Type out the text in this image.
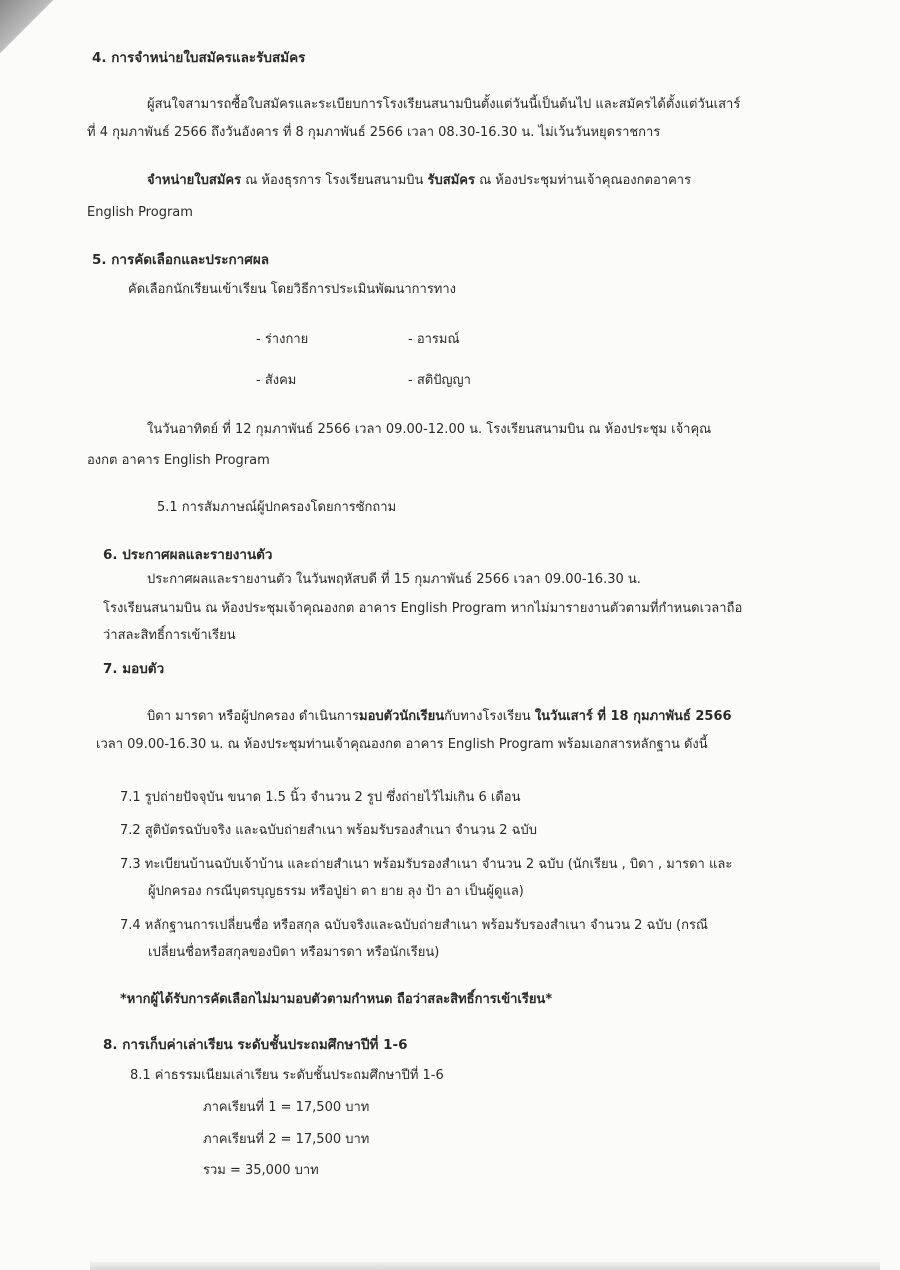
4. การจำหน่ายใบสมัครและรับสมัคร
ผู้สนใจสามารถซื้อใบสมัครและระเบียบการโรงเรียนสนามบินตั้งแต่วันนี้เป็นต้นไป และสมัครได้ตั้งแต่วันเสาร์
ที่ 4 กุมภาพันธ์ 2566 ถึงวันอังคาร ที่ 8 กุมภาพันธ์ 2566 เวลา 08.30-16.30 น. ไม่เว้นวันหยุดราชการ
จำหน่ายใบสมัคร ณ ห้องธุรการ โรงเรียนสนามบิน รับสมัคร ณ ห้องประชุมท่านเจ้าคุณองกตอาคาร
English Program
5. การคัดเลือกและประกาศผล
คัดเลือกนักเรียนเข้าเรียน โดยวิธีการประเมินพัฒนาการทาง
- ร่างกาย	- อารมณ์
- สังคม	- สติปัญญา
ในวันอาทิตย์ ที่ 12 กุมภาพันธ์ 2566 เวลา 09.00-12.00 น. โรงเรียนสนามบิน ณ ห้องประชุม เจ้าคุณ
องกต อาคาร English Program
5.1 การสัมภาษณ์ผู้ปกครองโดยการซักถาม
6. ประกาศผลและรายงานตัว
ประกาศผลและรายงานตัว ในวันพฤหัสบดี ที่ 15 กุมภาพันธ์ 2566 เวลา 09.00-16.30 น.
โรงเรียนสนามบิน ณ ห้องประชุมเจ้าคุณองกต อาคาร English Program หากไม่มารายงานตัวตามที่กำหนดเวลาถือ
ว่าสละสิทธิ์การเข้าเรียน
7. มอบตัว
บิดา มารดา หรือผู้ปกครอง ดำเนินการมอบตัวนักเรียนกับทางโรงเรียน ในวันเสาร์ ที่ 18 กุมภาพันธ์ 2566
เวลา 09.00-16.30 น. ณ ห้องประชุมท่านเจ้าคุณองกต อาคาร English Program พร้อมเอกสารหลักฐาน ดังนี้
7.1 รูปถ่ายปัจจุบัน ขนาด 1.5 นิ้ว จำนวน 2 รูป ซึ่งถ่ายไว้ไม่เกิน 6 เดือน
7.2 สูติบัตรฉบับจริง และฉบับถ่ายสำเนา พร้อมรับรองสำเนา จำนวน 2 ฉบับ
7.3 ทะเบียนบ้านฉบับเจ้าบ้าน และถ่ายสำเนา พร้อมรับรองสำเนา จำนวน 2 ฉบับ (นักเรียน , บิดา , มารดา และ
ผู้ปกครอง กรณีบุตรบุญธรรม หรือปู่ย่า ตา ยาย ลุง ป้า อา เป็นผู้ดูแล)
7.4 หลักฐานการเปลี่ยนชื่อ หรือสกุล ฉบับจริงและฉบับถ่ายสำเนา พร้อมรับรองสำเนา จำนวน 2 ฉบับ (กรณี
เปลี่ยนชื่อหรือสกุลของบิดา หรือมารดา หรือนักเรียน)
*หากผู้ได้รับการคัดเลือกไม่มามอบตัวตามกำหนด ถือว่าสละสิทธิ์การเข้าเรียน*
8. การเก็บค่าเล่าเรียน ระดับชั้นประถมศึกษาปีที่ 1-6
8.1 ค่าธรรมเนียมเล่าเรียน ระดับชั้นประถมศึกษาปีที่ 1-6
ภาคเรียนที่ 1 = 17,500 บาท
ภาคเรียนที่ 2 = 17,500 บาท
รวม = 35,000 บาท
